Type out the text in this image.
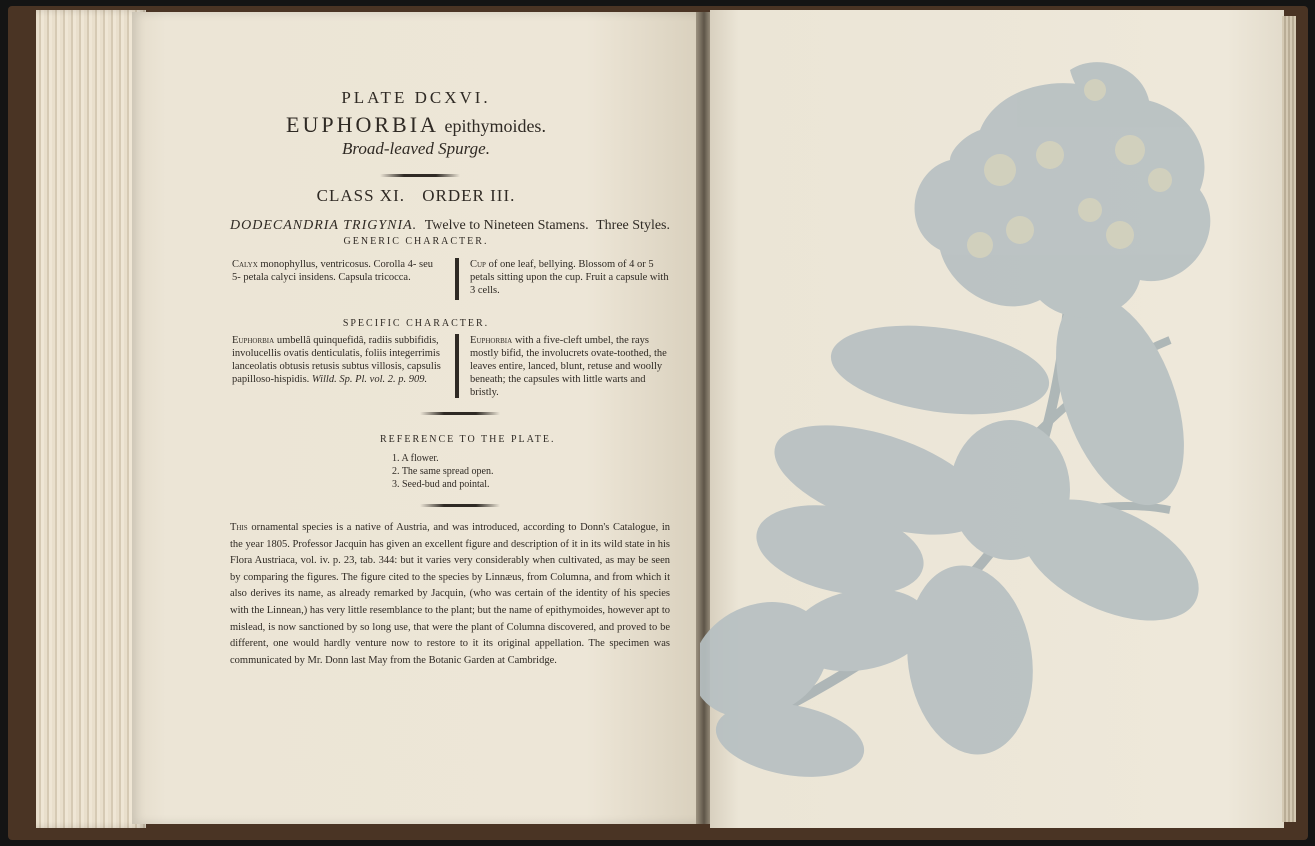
PLATE DCXVI.
EUPHORBIA epithymoides.
Broad-leaved Spurge.
CLASS XI. ORDER III.
DODECANDRIA TRIGYNIA. Twelve to Nineteen Stamens. Three Styles.
GENERIC CHARACTER.
Calyx monophyllus, ventricosus. Corolla 4- seu 5- petala calyci insidens. Capsula tricocca.
Cup of one leaf, bellying. Blossom of 4 or 5 petals sitting upon the cup. Fruit a capsule with 3 cells.
SPECIFIC CHARACTER.
Euphorbia umbellâ quinquefidâ, radiis subbifidis, involucellis ovatis denticulatis, foliis integerrimis lanceolatis obtusis retusis subtus villosis, capsulis papilloso-hispidis. Willd. Sp. Pl. vol. 2. p. 909.
Euphorbia with a five-cleft umbel, the rays mostly bifid, the involucrets ovate-toothed, the leaves entire, lanced, blunt, retuse and woolly beneath; the capsules with little warts and bristly.
REFERENCE TO THE PLATE.
1. A flower.
2. The same spread open.
3. Seed-bud and pointal.
This ornamental species is a native of Austria, and was introduced, according to Donn's Catalogue, in the year 1805. Professor Jacquin has given an excellent figure and description of it in its wild state in his Flora Austriaca, vol. iv. p. 23, tab. 344: but it varies very considerably when cultivated, as may be seen by comparing the figures. The figure cited to the species by Linnæus, from Columna, and from which it also derives its name, as already remarked by Jacquin, (who was certain of the identity of his species with the Linnean,) has very little resemblance to the plant; but the name of epithymoides, however apt to mislead, is now sanctioned by so long use, that were the plant of Columna discovered, and proved to be different, one would hardly venture now to restore to it its original appellation. The specimen was communicated by Mr. Donn last May from the Botanic Garden at Cambridge.
